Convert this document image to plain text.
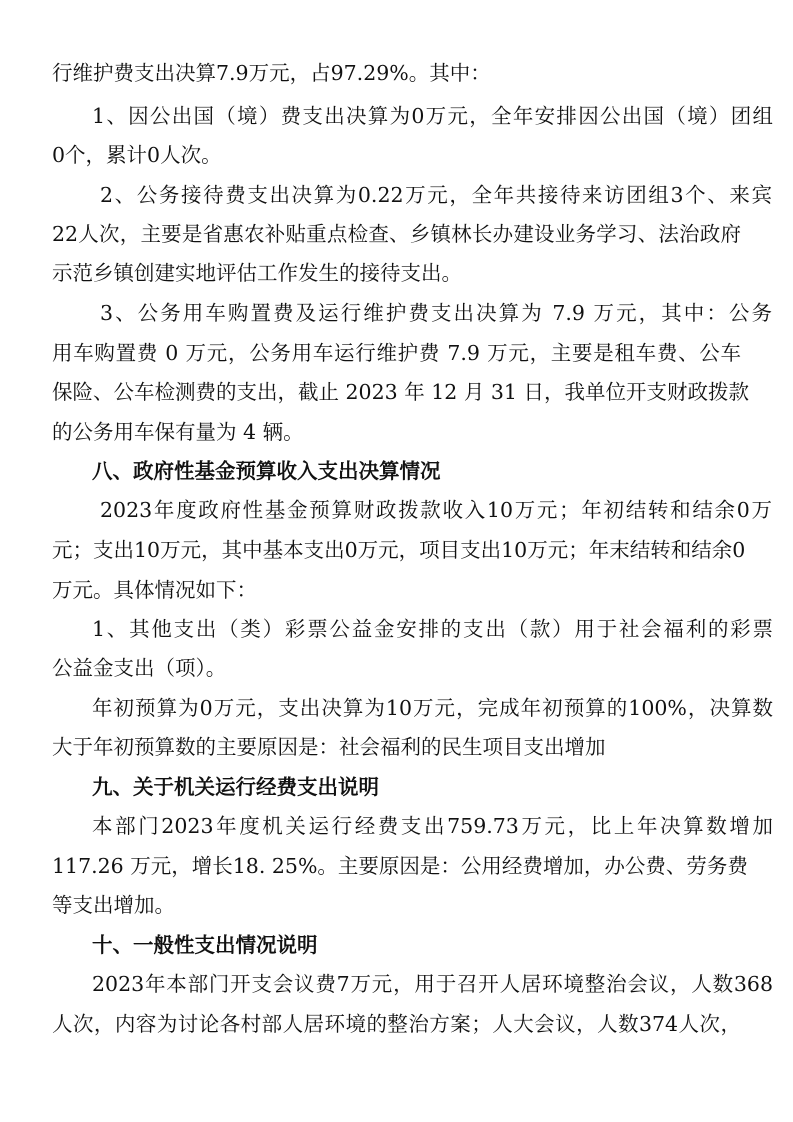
行维护费支出决算7.9万元，占97.29%。其中：
1、因公出国（境）费支出决算为0万元，全年安排因公出国（境）团组
0个，累计0人次。
2、公务接待费支出决算为0.22万元，全年共接待来访团组3个、来宾
22人次，主要是省惠农补贴重点检查、乡镇林长办建设业务学习、法治政府
示范乡镇创建实地评估工作发生的接待支出。
3、公务用车购置费及运行维护费支出决算为 7.9 万元，其中：公务
用车购置费 0 万元，公务用车运行维护费 7.9 万元，主要是租车费、公车
保险、公车检测费的支出，截止 2023 年 12 月 31 日，我单位开支财政拨款
的公务用车保有量为 4 辆。
八、政府性基金预算收入支出决算情况
2023年度政府性基金预算财政拨款收入10万元；年初结转和结余0万
元；支出10万元，其中基本支出0万元，项目支出10万元；年末结转和结余0
万元。具体情况如下：
1、其他支出（类）彩票公益金安排的支出（款）用于社会福利的彩票
公益金支出（项）。
年初预算为0万元，支出决算为10万元，完成年初预算的100%，决算数
大于年初预算数的主要原因是：社会福利的民生项目支出增加
九、关于机关运行经费支出说明
本部门2023年度机关运行经费支出759.73万元，比上年决算数增加
117.26 万元，增长18. 25%。主要原因是：公用经费增加，办公费、劳务费
等支出增加。
十、一般性支出情况说明
2023年本部门开支会议费7万元，用于召开人居环境整治会议，人数368
人次，内容为讨论各村部人居环境的整治方案；人大会议，人数374人次，
